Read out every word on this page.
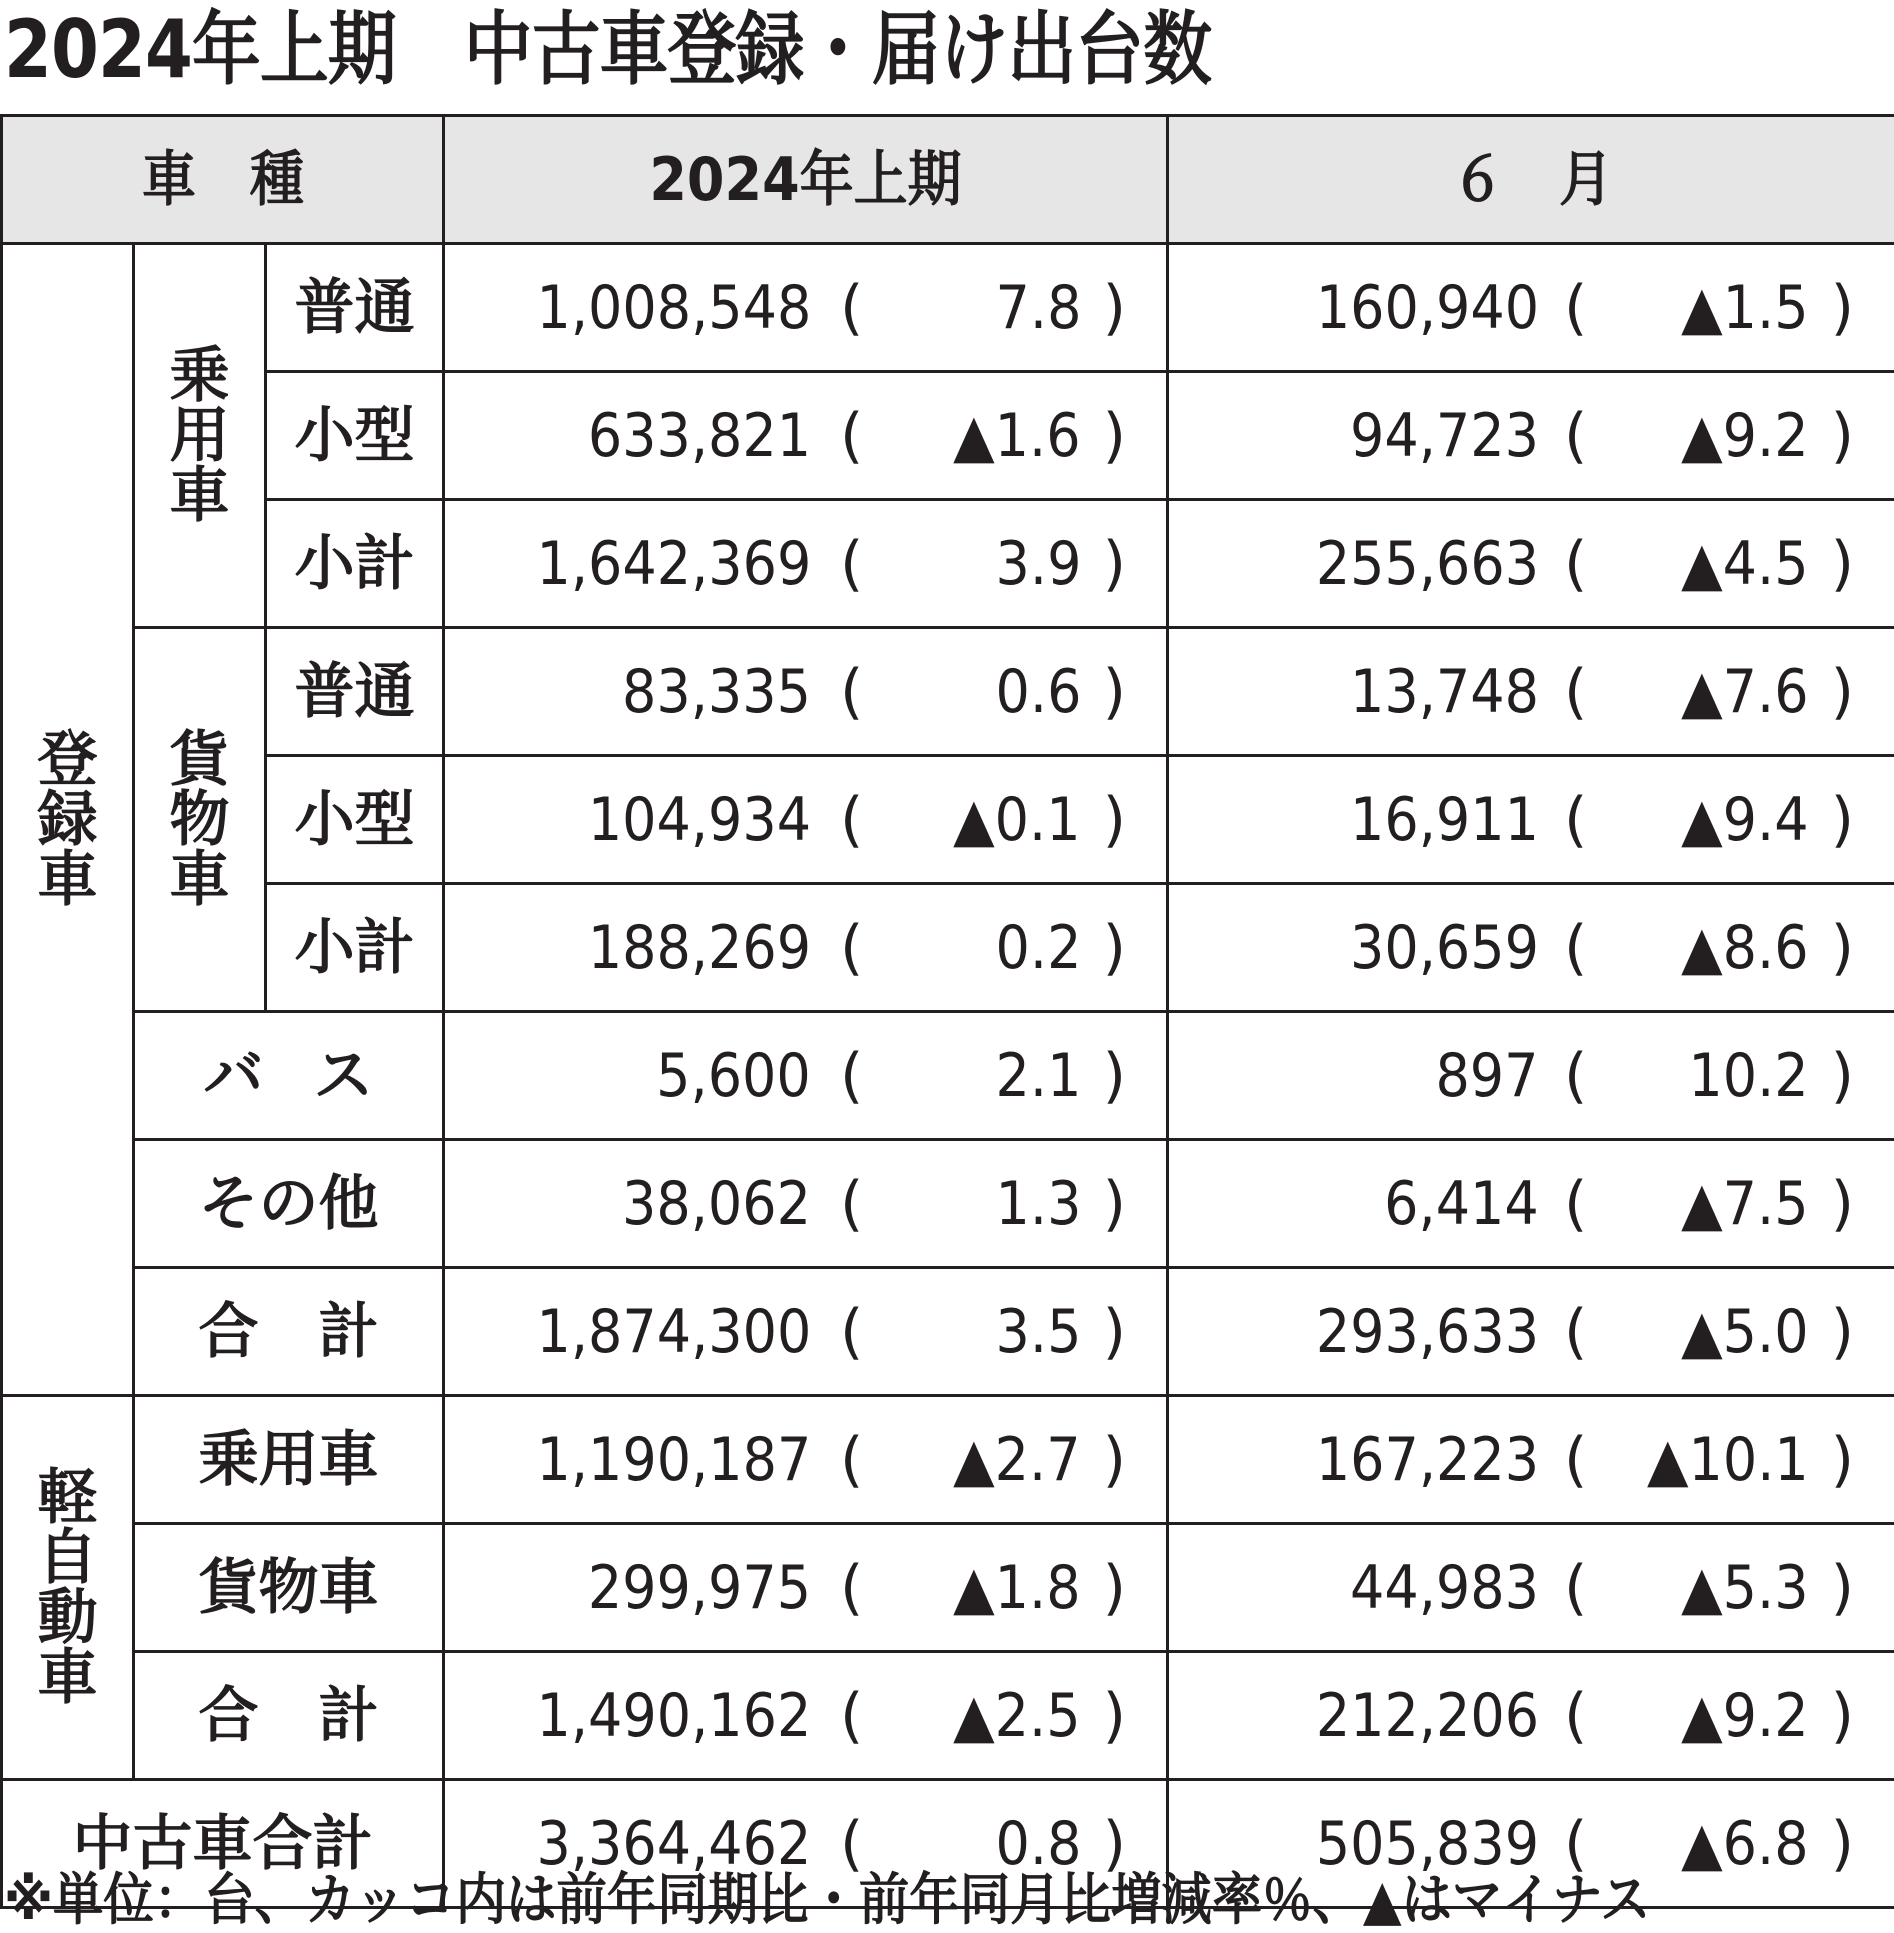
2024年上期　中古車登録・届け出台数
車　種			2024年上期	６　月

登録車	乗用車	普通	1,008,548 ( 7.8 )	160,940 ( ▲1.5 )

		小型	633,821 ( ▲1.6 )	94,723 ( ▲9.2 )

		小計	1,642,369 ( 3.9 )	255,663 ( ▲4.5 )

	貨物車	普通	83,335 ( 0.6 )	13,748 ( ▲7.6 )

		小型	104,934 ( ▲0.1 )	16,911 ( ▲9.4 )

		小計	188,269 ( 0.2 )	30,659 ( ▲8.6 )

	バス		5,600 ( 2.1 )	897 ( 10.2 )

	その他		38,062 ( 1.3 )	6,414 ( ▲7.5 )

	合計		1,874,300 ( 3.5 )	293,633 ( ▲5.0 )

軽自動車	乗用車		1,190,187 ( ▲2.7 )	167,223 ( ▲10.1 )

	貨物車		299,975 ( ▲1.8 )	44,983 ( ▲5.3 )

	合計		1,490,162 ( ▲2.5 )	212,206 ( ▲9.2 )

中古車合計			3,364,462 ( 0.8 )	505,839 ( ▲6.8 )
※単位：台、カッコ内は前年同期比・前年同月比増減率％、▲はマイナス
